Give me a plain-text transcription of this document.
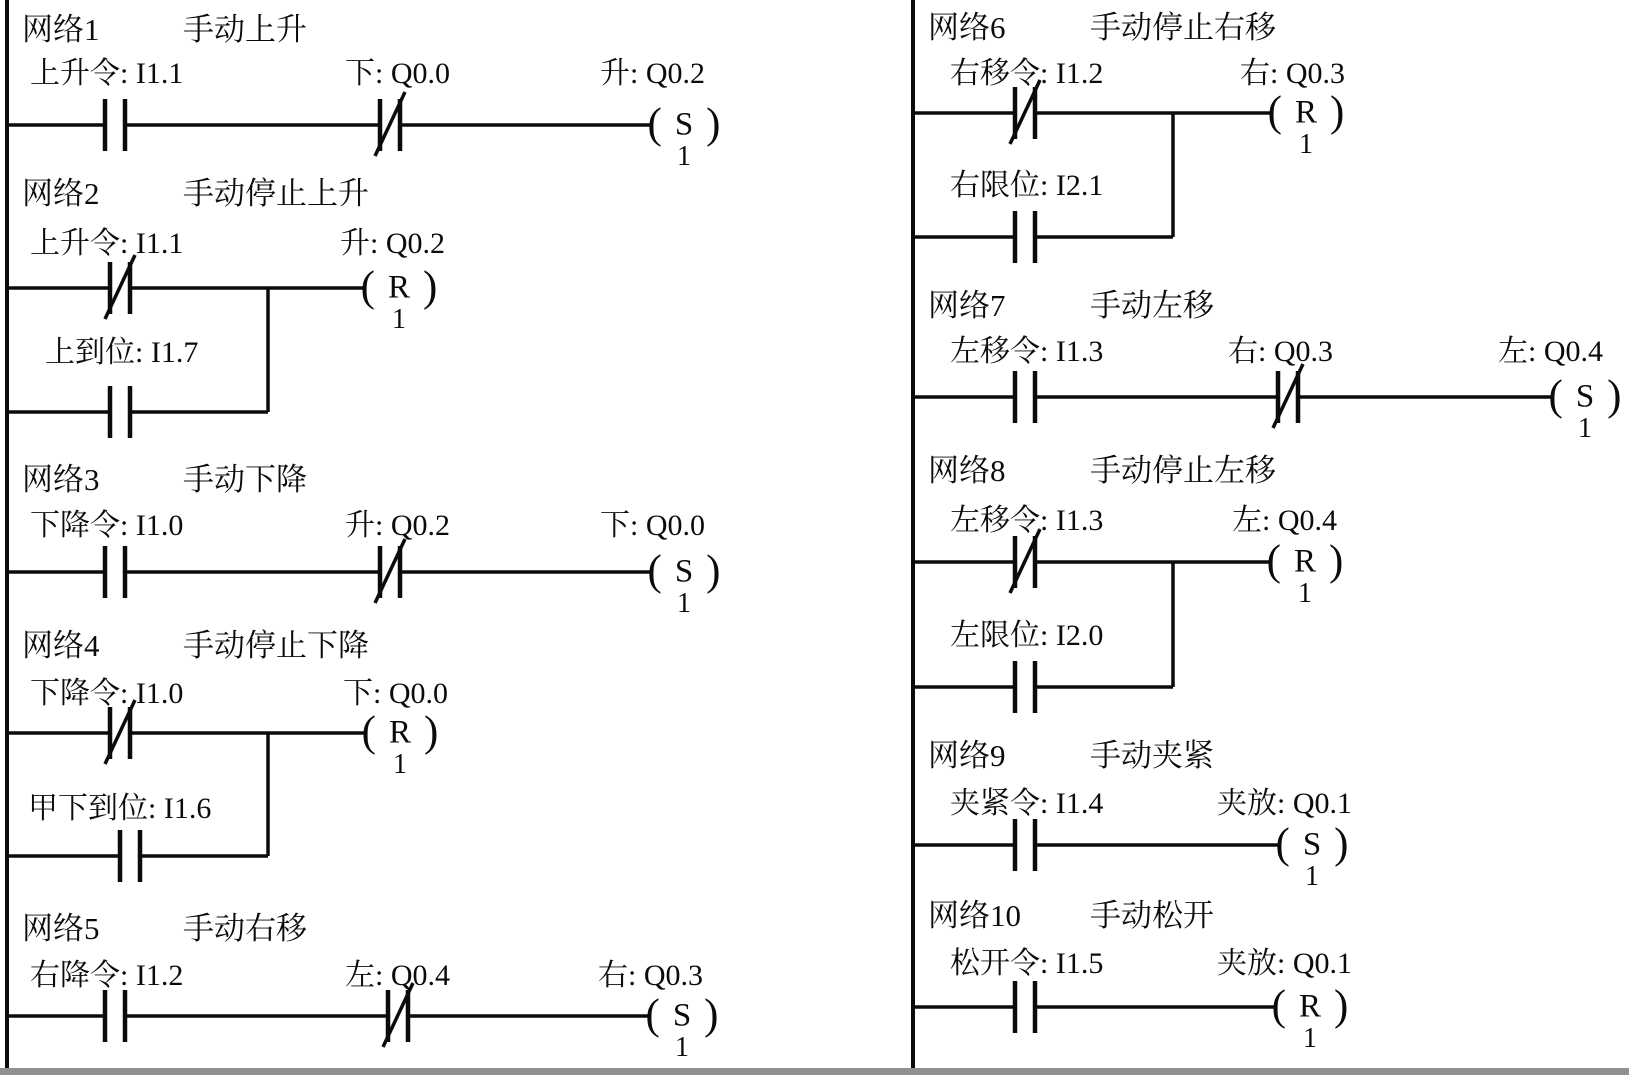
网络1	手动上升
上升令: I1.1	下: Q0.0	升: Q0.2
( S )
1
网络2	手动停止上升
上升令: I1.1	升: Q0.2
( R )
1
上到位: I1.7
网络3	手动下降
下降令: I1.0	升: Q0.2	下: Q0.0
( S )
1
网络4	手动停止下降
下降令: I1.0	下: Q0.0
( R )
1
甲下到位: I1.6
网络5	手动右移
右降令: I1.2	左: Q0.4	右: Q0.3
( S )
1
网络6	手动停止右移
右移令: I1.2	右: Q0.3
( R )
1
右限位: I2.1
网络7	手动左移
左移令: I1.3	右: Q0.3	左: Q0.4
( S )
1
网络8	手动停止左移
左移令: I1.3	左: Q0.4
( R )
1
左限位: I2.0
网络9	手动夹紧
夹紧令: I1.4	夹放: Q0.1
( S )
1
网络10 手动松开
松开令: I1.5	夹放: Q0.1
( R )
1
